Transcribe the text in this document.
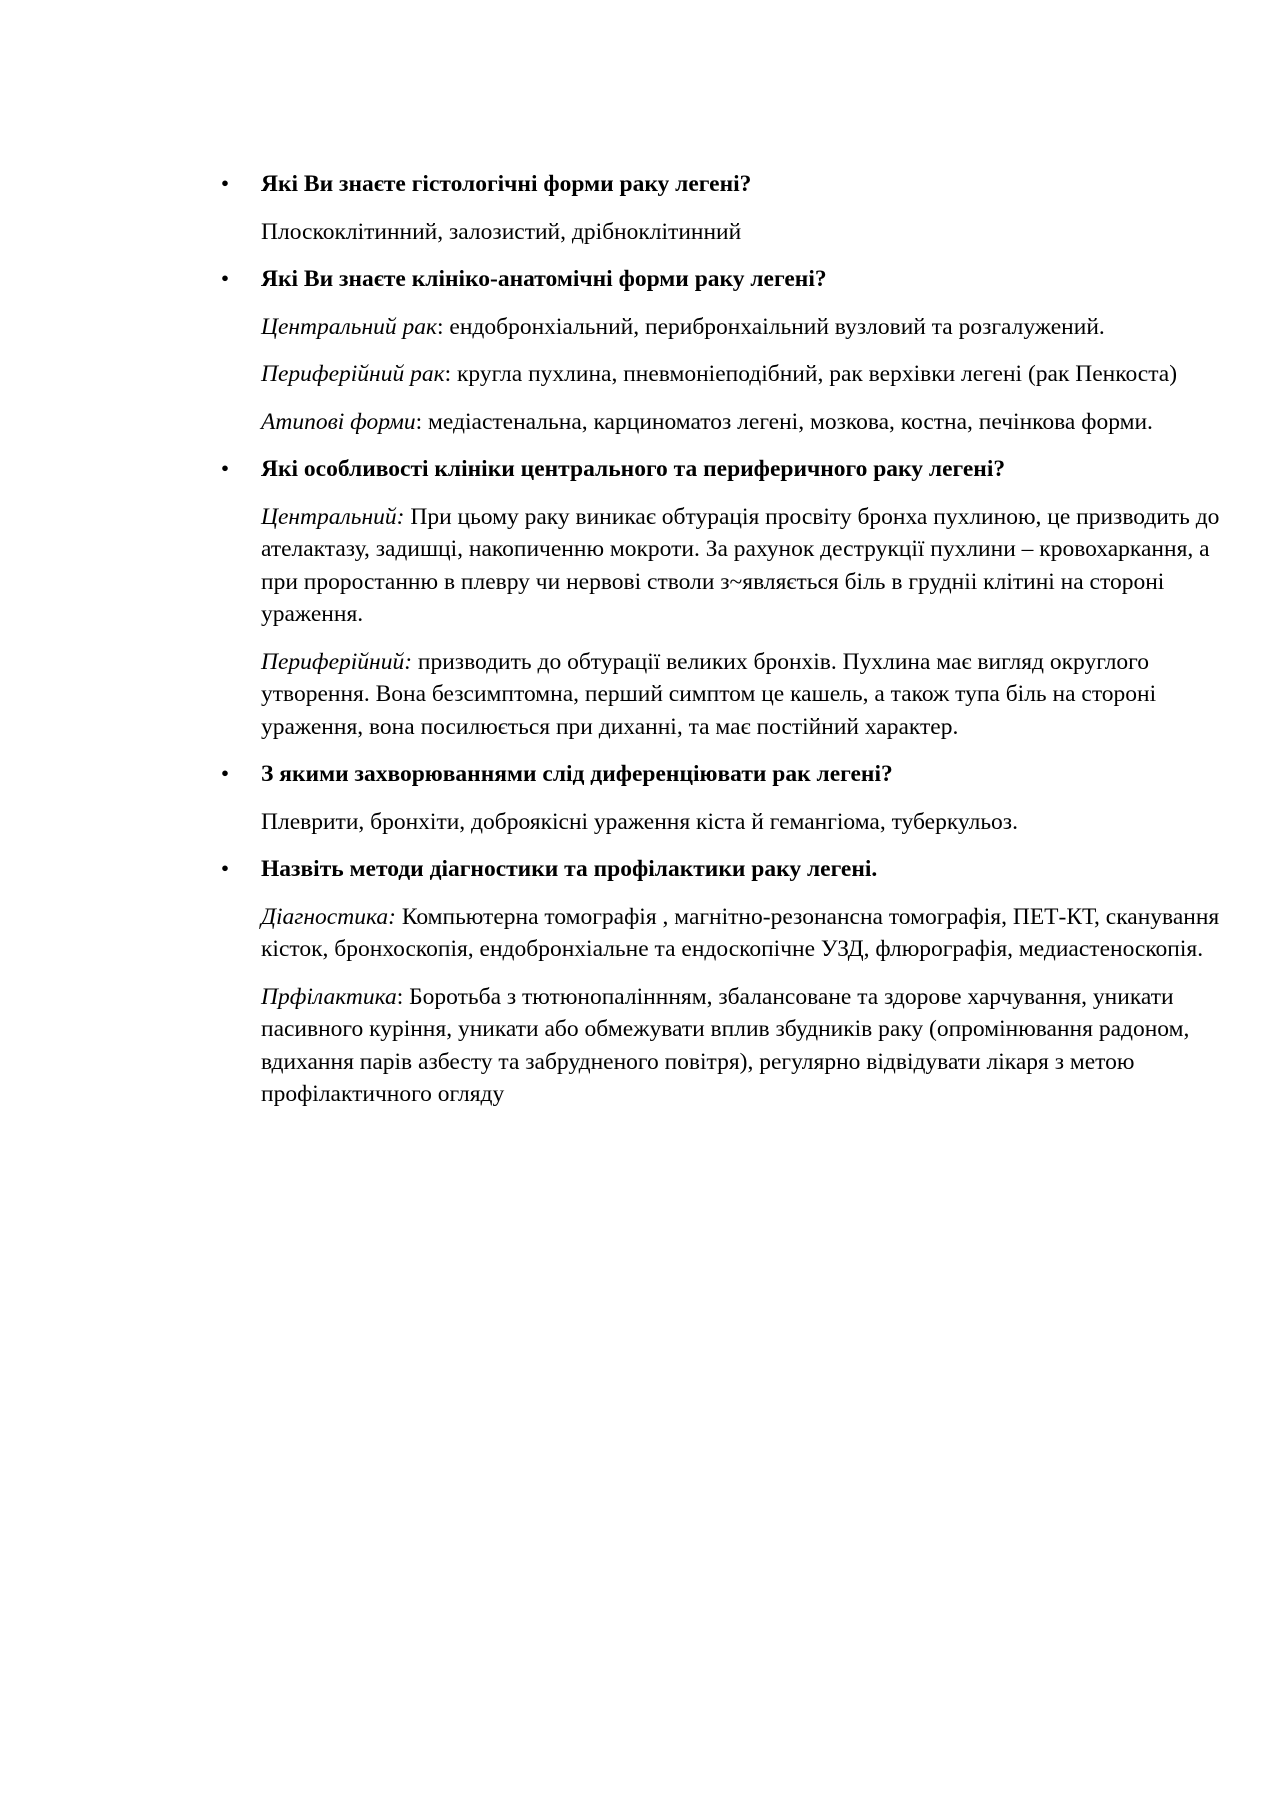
• Які Ви знаєте гістологічні форми раку легені?

Плоскоклітинний, залозистий, дрібноклітинний

• Які Ви знаєте клініко-анатомічні форми раку легені?

Центральний рак: ендобронхіальний, перибронхаільний вузловий та розгалужений.

Периферійний рак: кругла пухлина, пневмоніеподібний, рак верхівки легені (рак Пенкоста)

Атипові форми: медіастенальна, карциноматоз легені, мозкова, костна, печінкова форми.

• Які особливості клініки центрального та периферичного раку легені?

Центральний: При цьому раку виникає обтурація просвіту бронха пухлиною, це призводить до ателактазу, задишці, накопиченню мокроти. За рахунок деструкції пухлини – кровохаркання, а при проростанню в плевру чи нервові стволи з~являється біль в грудніі клітині на стороні ураження.

Периферійний: призводить до обтурації великих бронхів. Пухлина має вигляд округлого утворення. Вона безсимптомна, перший симптом це кашель, а також тупа біль на стороні ураження, вона посилюється при диханні, та має постійний характер.

• З якими захворюваннями слід диференціювати рак легені?

Плеврити, бронхіти, доброякісні ураження кіста й гемангіома, туберкульоз.

• Назвіть методи діагностики та профілактики раку легені.

Діагностика: Компьютерна томографія , магнітно-резонансна томографія, ПЕТ-КТ, сканування кісток, бронхоскопія, ендобронхіальне та ендоскопічне УЗД, флюрографія, медиастеноскопія.

Прфілактика: Боротьба з тютюнопаліннням, збалансоване та здорове харчування, уникати пасивного куріння, уникати або обмежувати вплив збудників раку (опромінювання радоном, вдихання парів азбесту та забрудненого повітря), регулярно відвідувати лікаря з метою профілактичного огляду
